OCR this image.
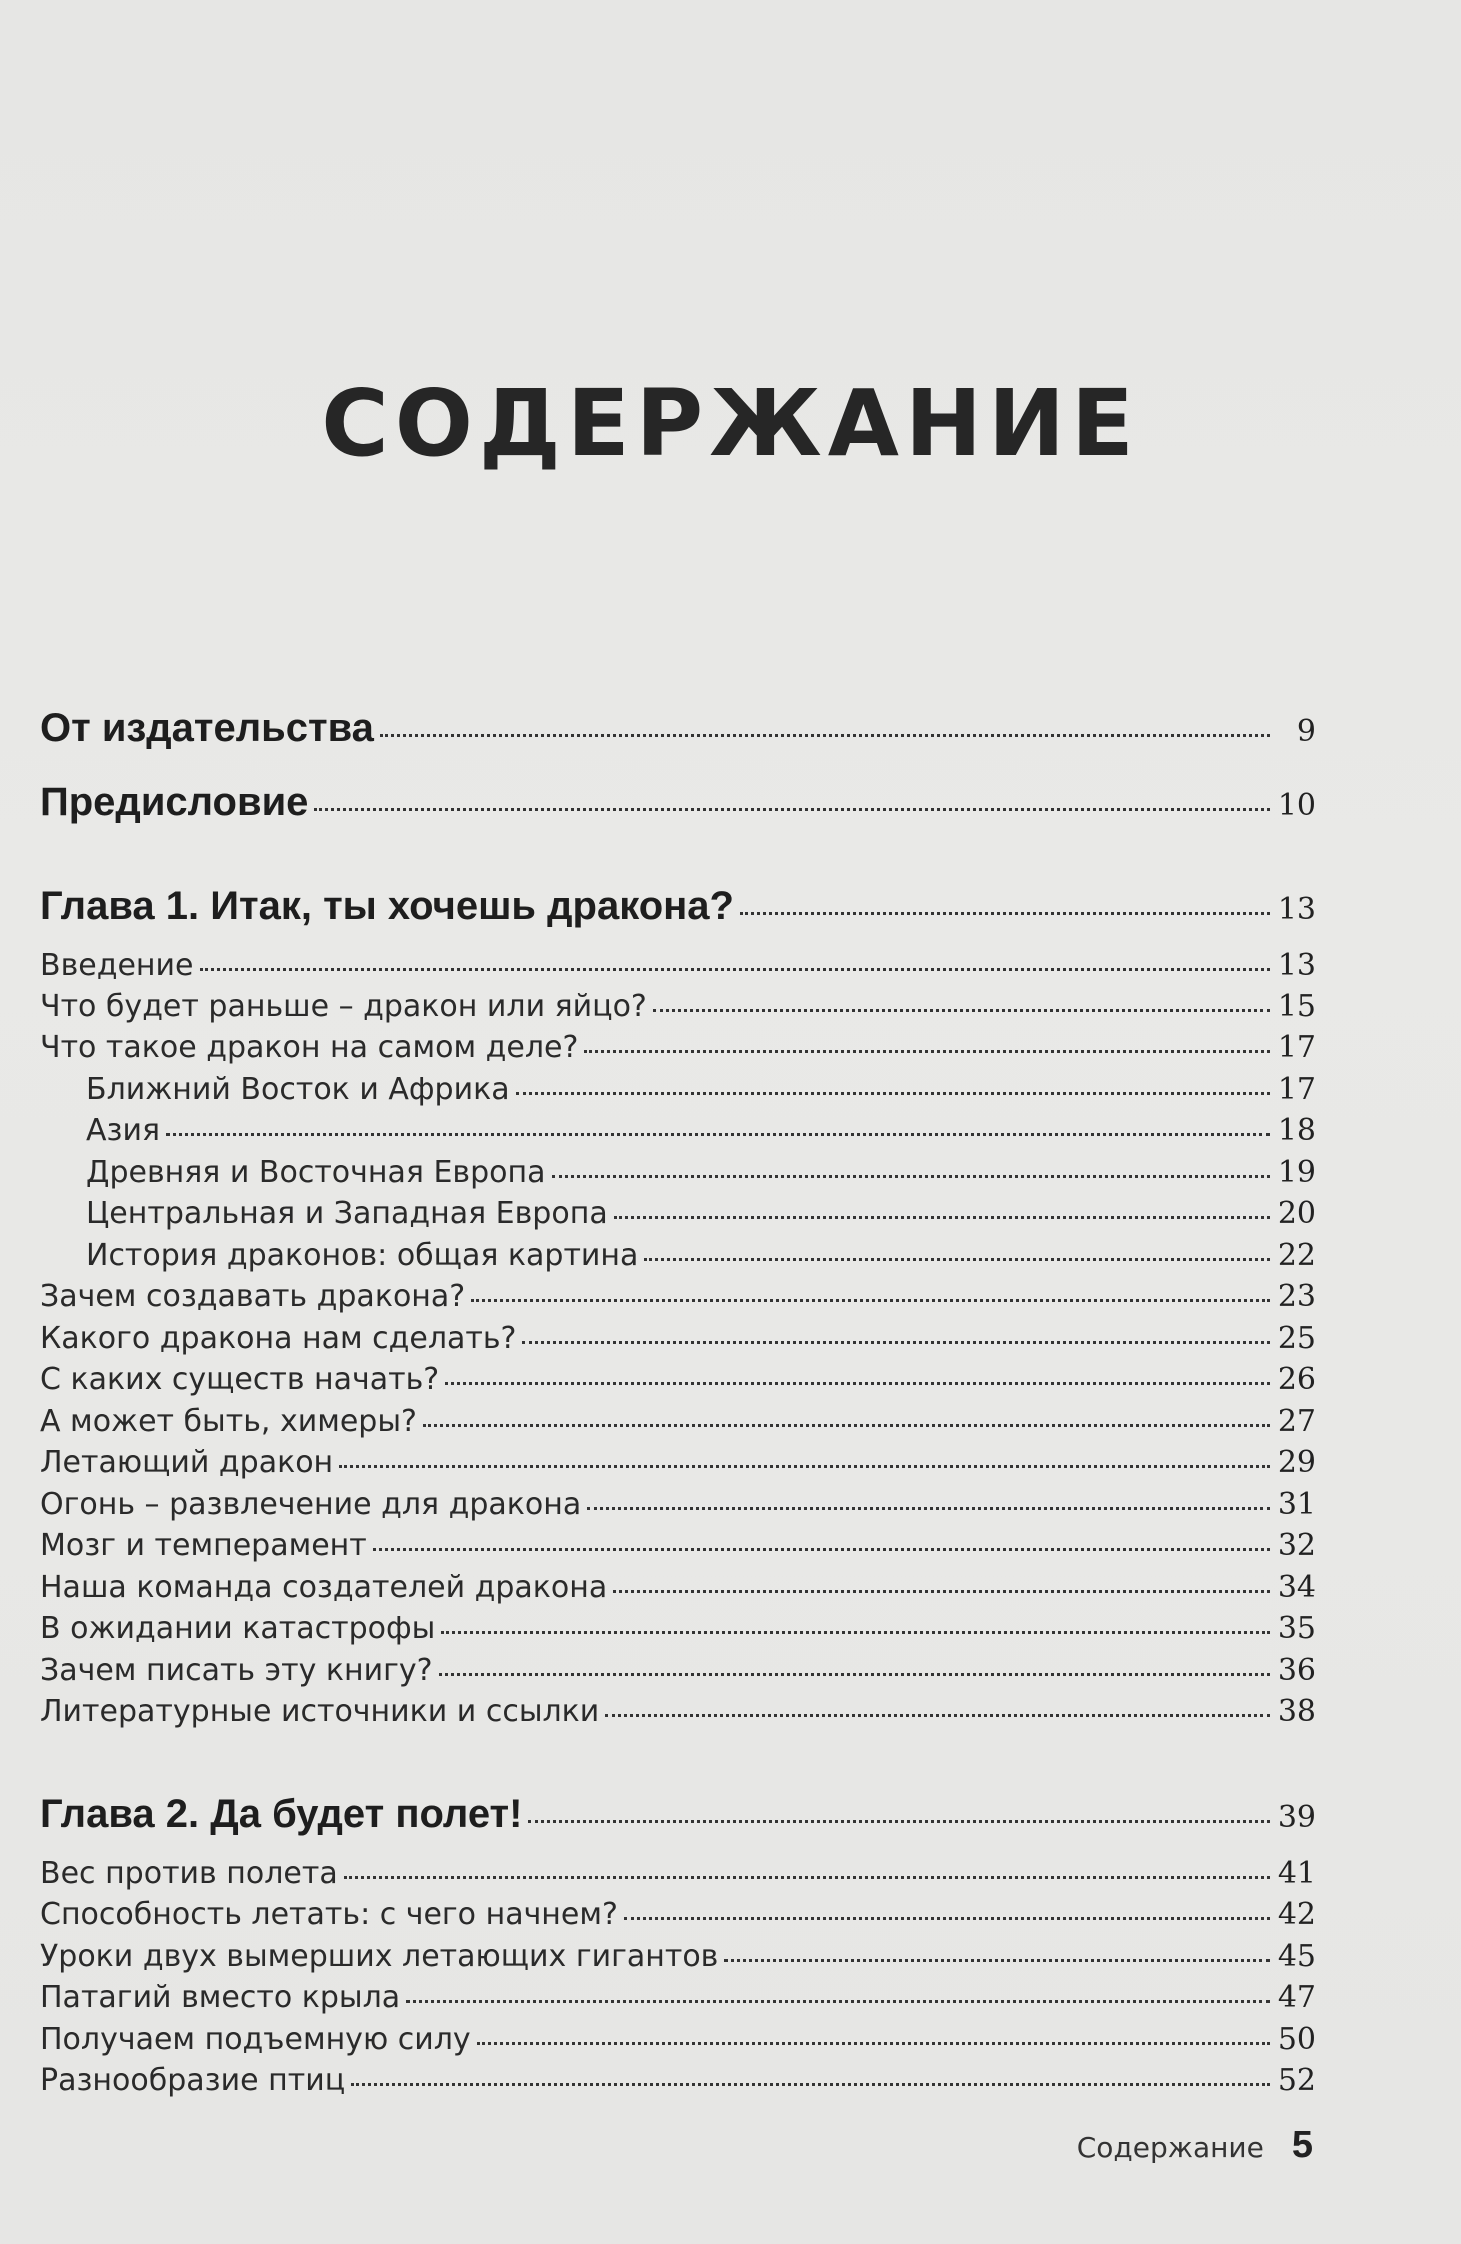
СОДЕРЖАНИЕ
От издательства	9
Предисловие	10
Глава 1. Итак, ты хочешь дракона?	13
Введение	13
Что будет раньше – дракон или яйцо?	15
Что такое дракон на самом деле?	17
Ближний Восток и Африка	17
Азия	18
Древняя и Восточная Европа	19
Центральная и Западная Европа	20
История драконов: общая картина	22
Зачем создавать дракона?	23
Какого дракона нам сделать?	25
С каких существ начать?	26
А может быть, химеры?	27
Летающий дракон	29
Огонь – развлечение для дракона	31
Мозг и темперамент	32
Наша команда создателей дракона	34
В ожидании катастрофы	35
Зачем писать эту книгу?	36
Литературные источники и ссылки	38
Глава 2. Да будет полет!	39
Вес против полета	41
Способность летать: с чего начнем?	42
Уроки двух вымерших летающих гигантов	45
Патагий вместо крыла	47
Получаем подъемную силу	50
Разнообразие птиц	52
Содержание 5
